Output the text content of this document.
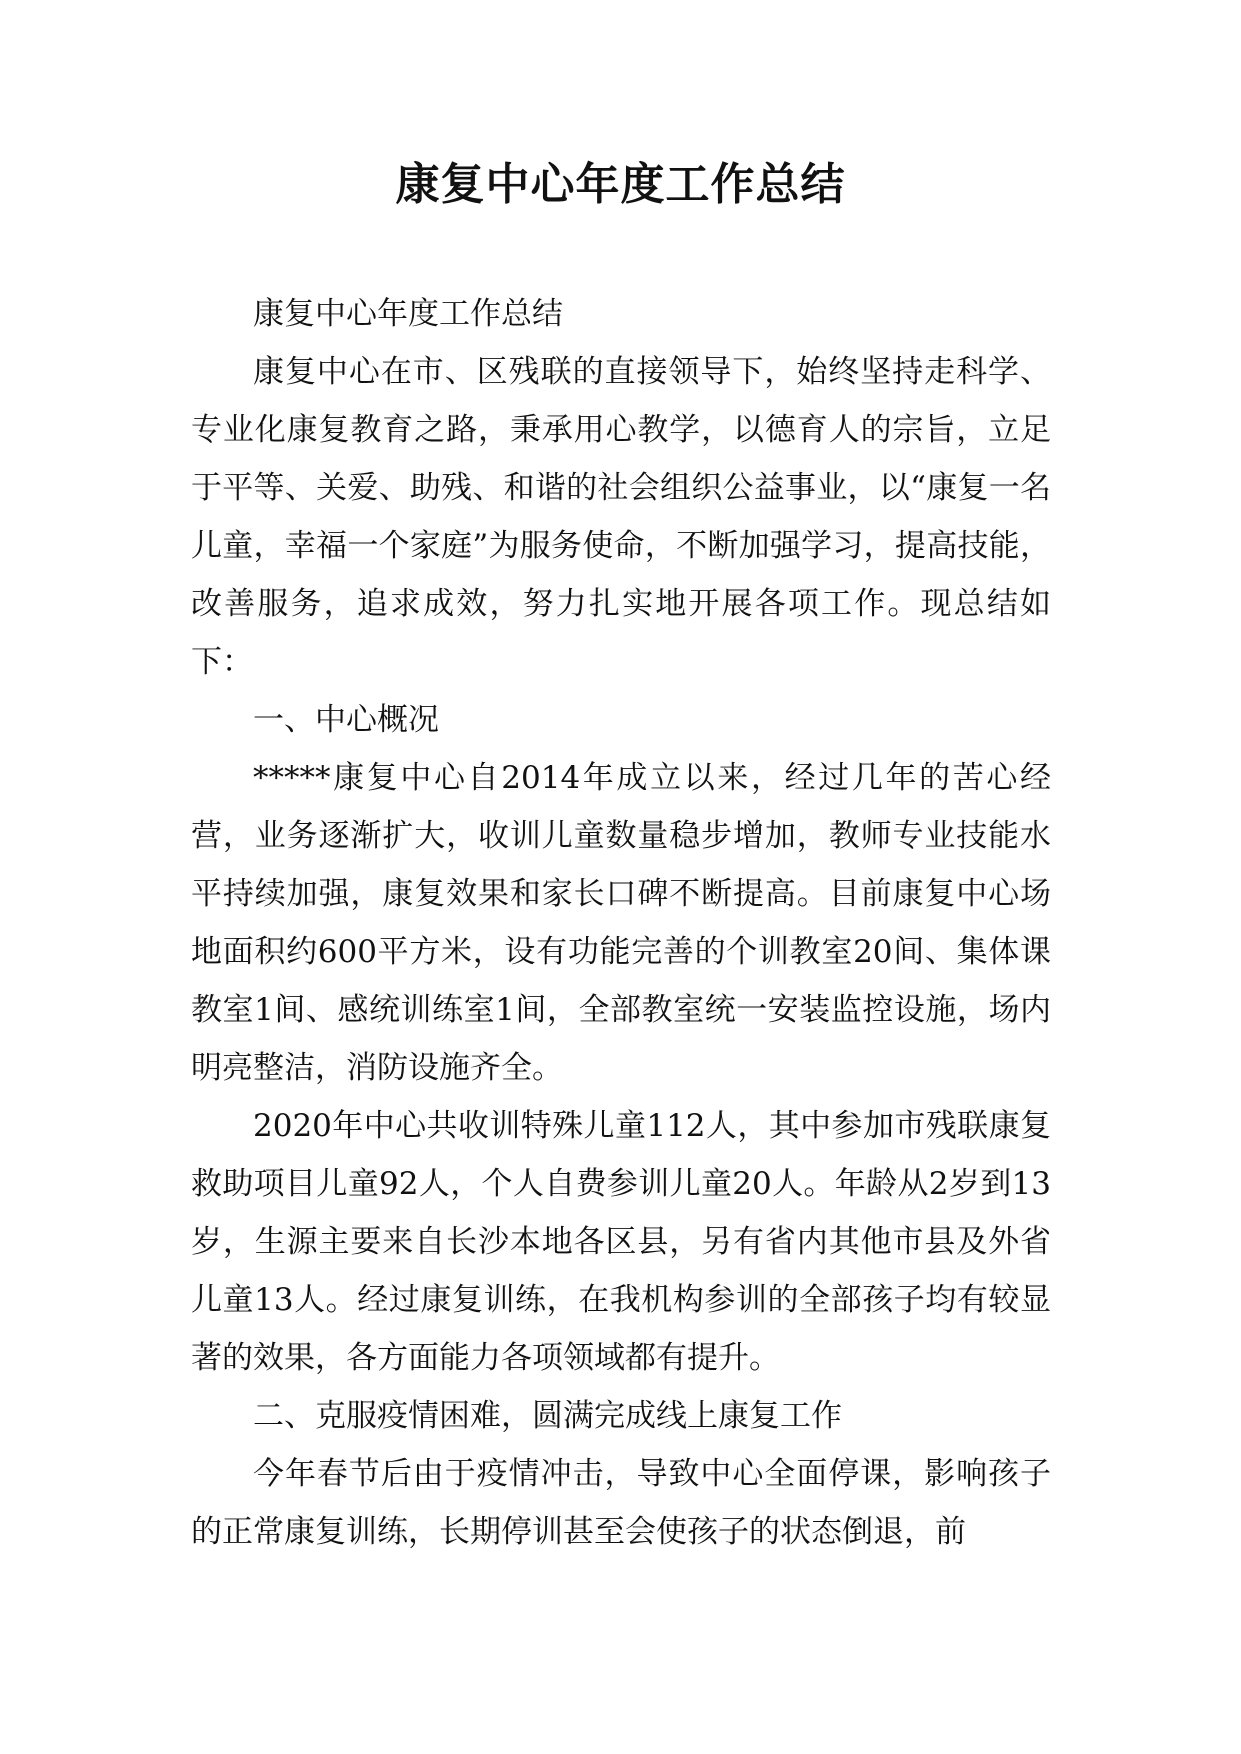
康复中心年度工作总结

康复中心年度工作总结

康复中心在市、区残联的直接领导下，始终坚持走科学、专业化康复教育之路，秉承用心教学，以德育人的宗旨，立足于平等、关爱、助残、和谐的社会组织公益事业，以“康复一名儿童，幸福一个家庭”为服务使命，不断加强学习，提高技能，改善服务，追求成效，努力扎实地开展各项工作。现总结如下：

一、中心概况

*****康复中心自2014年成立以来，经过几年的苦心经营，业务逐渐扩大，收训儿童数量稳步增加，教师专业技能水平持续加强，康复效果和家长口碑不断提高。目前康复中心场地面积约600平方米，设有功能完善的个训教室20间、集体课教室1间、感统训练室1间，全部教室统一安装监控设施，场内明亮整洁，消防设施齐全。

2020年中心共收训特殊儿童112人，其中参加市残联康复救助项目儿童92人，个人自费参训儿童20人。年龄从2岁到13岁，生源主要来自长沙本地各区县，另有省内其他市县及外省儿童13人。经过康复训练，在我机构参训的全部孩子均有较显著的效果，各方面能力各项领域都有提升。

二、克服疫情困难，圆满完成线上康复工作

今年春节后由于疫情冲击，导致中心全面停课，影响孩子的正常康复训练，长期停训甚至会使孩子的状态倒退，前
